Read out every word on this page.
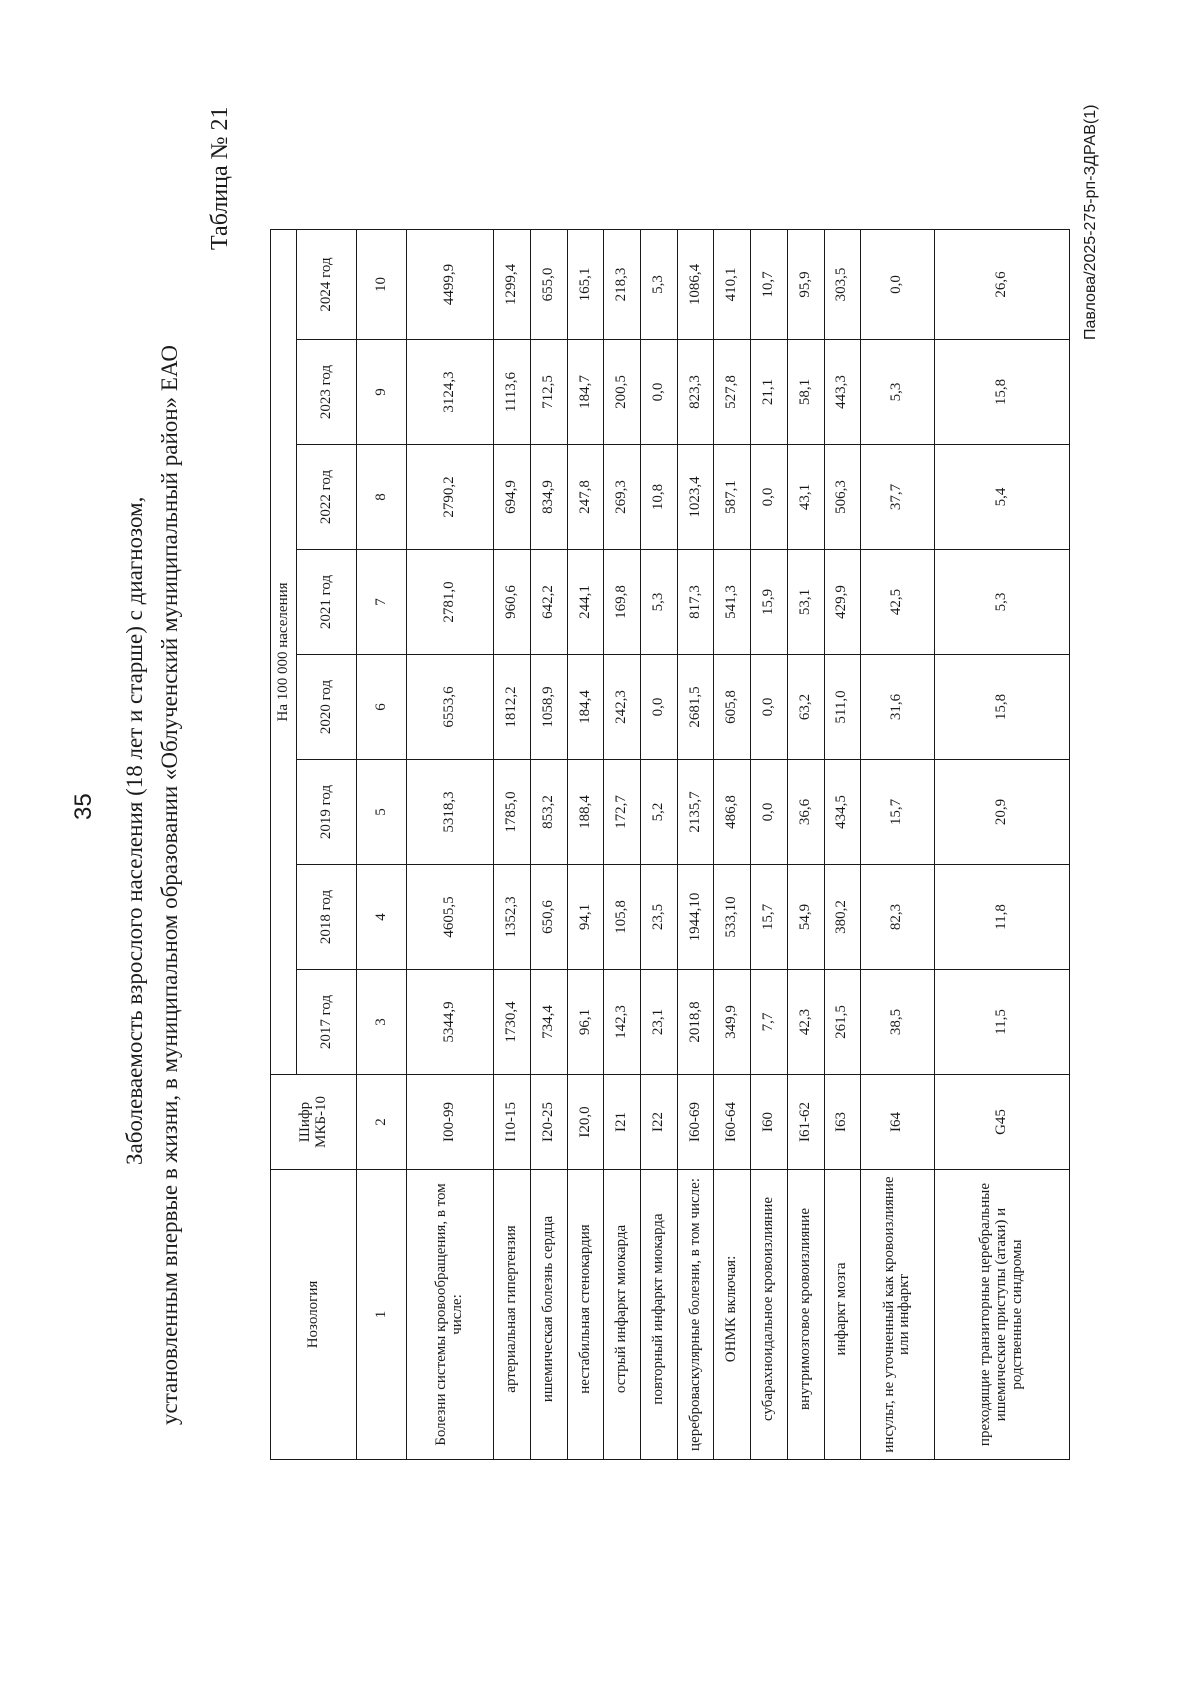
35 Заболеваемость взрослого населения (18 лет и старше) с диагнозом, установленным впервые в жизни, в муниципальном образовании «Облученский муниципальный район» ЕАО
Таблица № 21	Павлова/2025-275-рп-ЗДРАВ(1)
Нозология	Шифр МКБ-10	На 100 000 населения							
		2017 год	2018 год	2019 год	2020 год	2021 год	2022 год	2023 год	2024 год
1	2	3	4	5	6	7	8	9	10
Болезни системы кровообращения, в том числе:	I00-99	5344,9	4605,5	5318,3	6553,6	2781,0	2790,2	3124,3	4499,9
артериальная гипертензия	I10-15	1730,4	1352,3	1785,0	1812,2	960,6	694,9	1113,6	1299,4
ишемическая болезнь сердца	I20-25	734,4	650,6	853,2	1058,9	642,2	834,9	712,5	655,0
нестабильная стенокардия	I20,0	96,1	94,1	188,4	184,4	244,1	247,8	184,7	165,1
острый инфаркт миокарда	I21	142,3	105,8	172,7	242,3	169,8	269,3	200,5	218,3
повторный инфаркт миокарда	I22	23,1	23,5	5,2	0,0	5,3	10,8	0,0	5,3
цереброваскулярные болезни, в том числе:	I60-69	2018,8	1944,10	2135,7	2681,5	817,3	1023,4	823,3	1086,4
ОНМК включая:	I60-64	349,9	533,10	486,8	605,8	541,3	587,1	527,8	410,1
субарахноидальное кровоизлияние	I60	7,7	15,7	0,0	0,0	15,9	0,0	21,1	10,7
внутримозговое кровоизлияние	I61-62	42,3	54,9	36,6	63,2	53,1	43,1	58,1	95,9
инфаркт мозга	I63	261,5	380,2	434,5	511,0	429,9	506,3	443,3	303,5
инсульт, не уточненный как кровоизлияние или инфаркт	I64	38,5	82,3	15,7	31,6	42,5	37,7	5,3	0,0
преходящие транзиторные церебральные ишемические приступы (атаки) и родственные синдромы	G45	11,5	11,8	20,9	15,8	5,3	5,4	15,8	26,6
